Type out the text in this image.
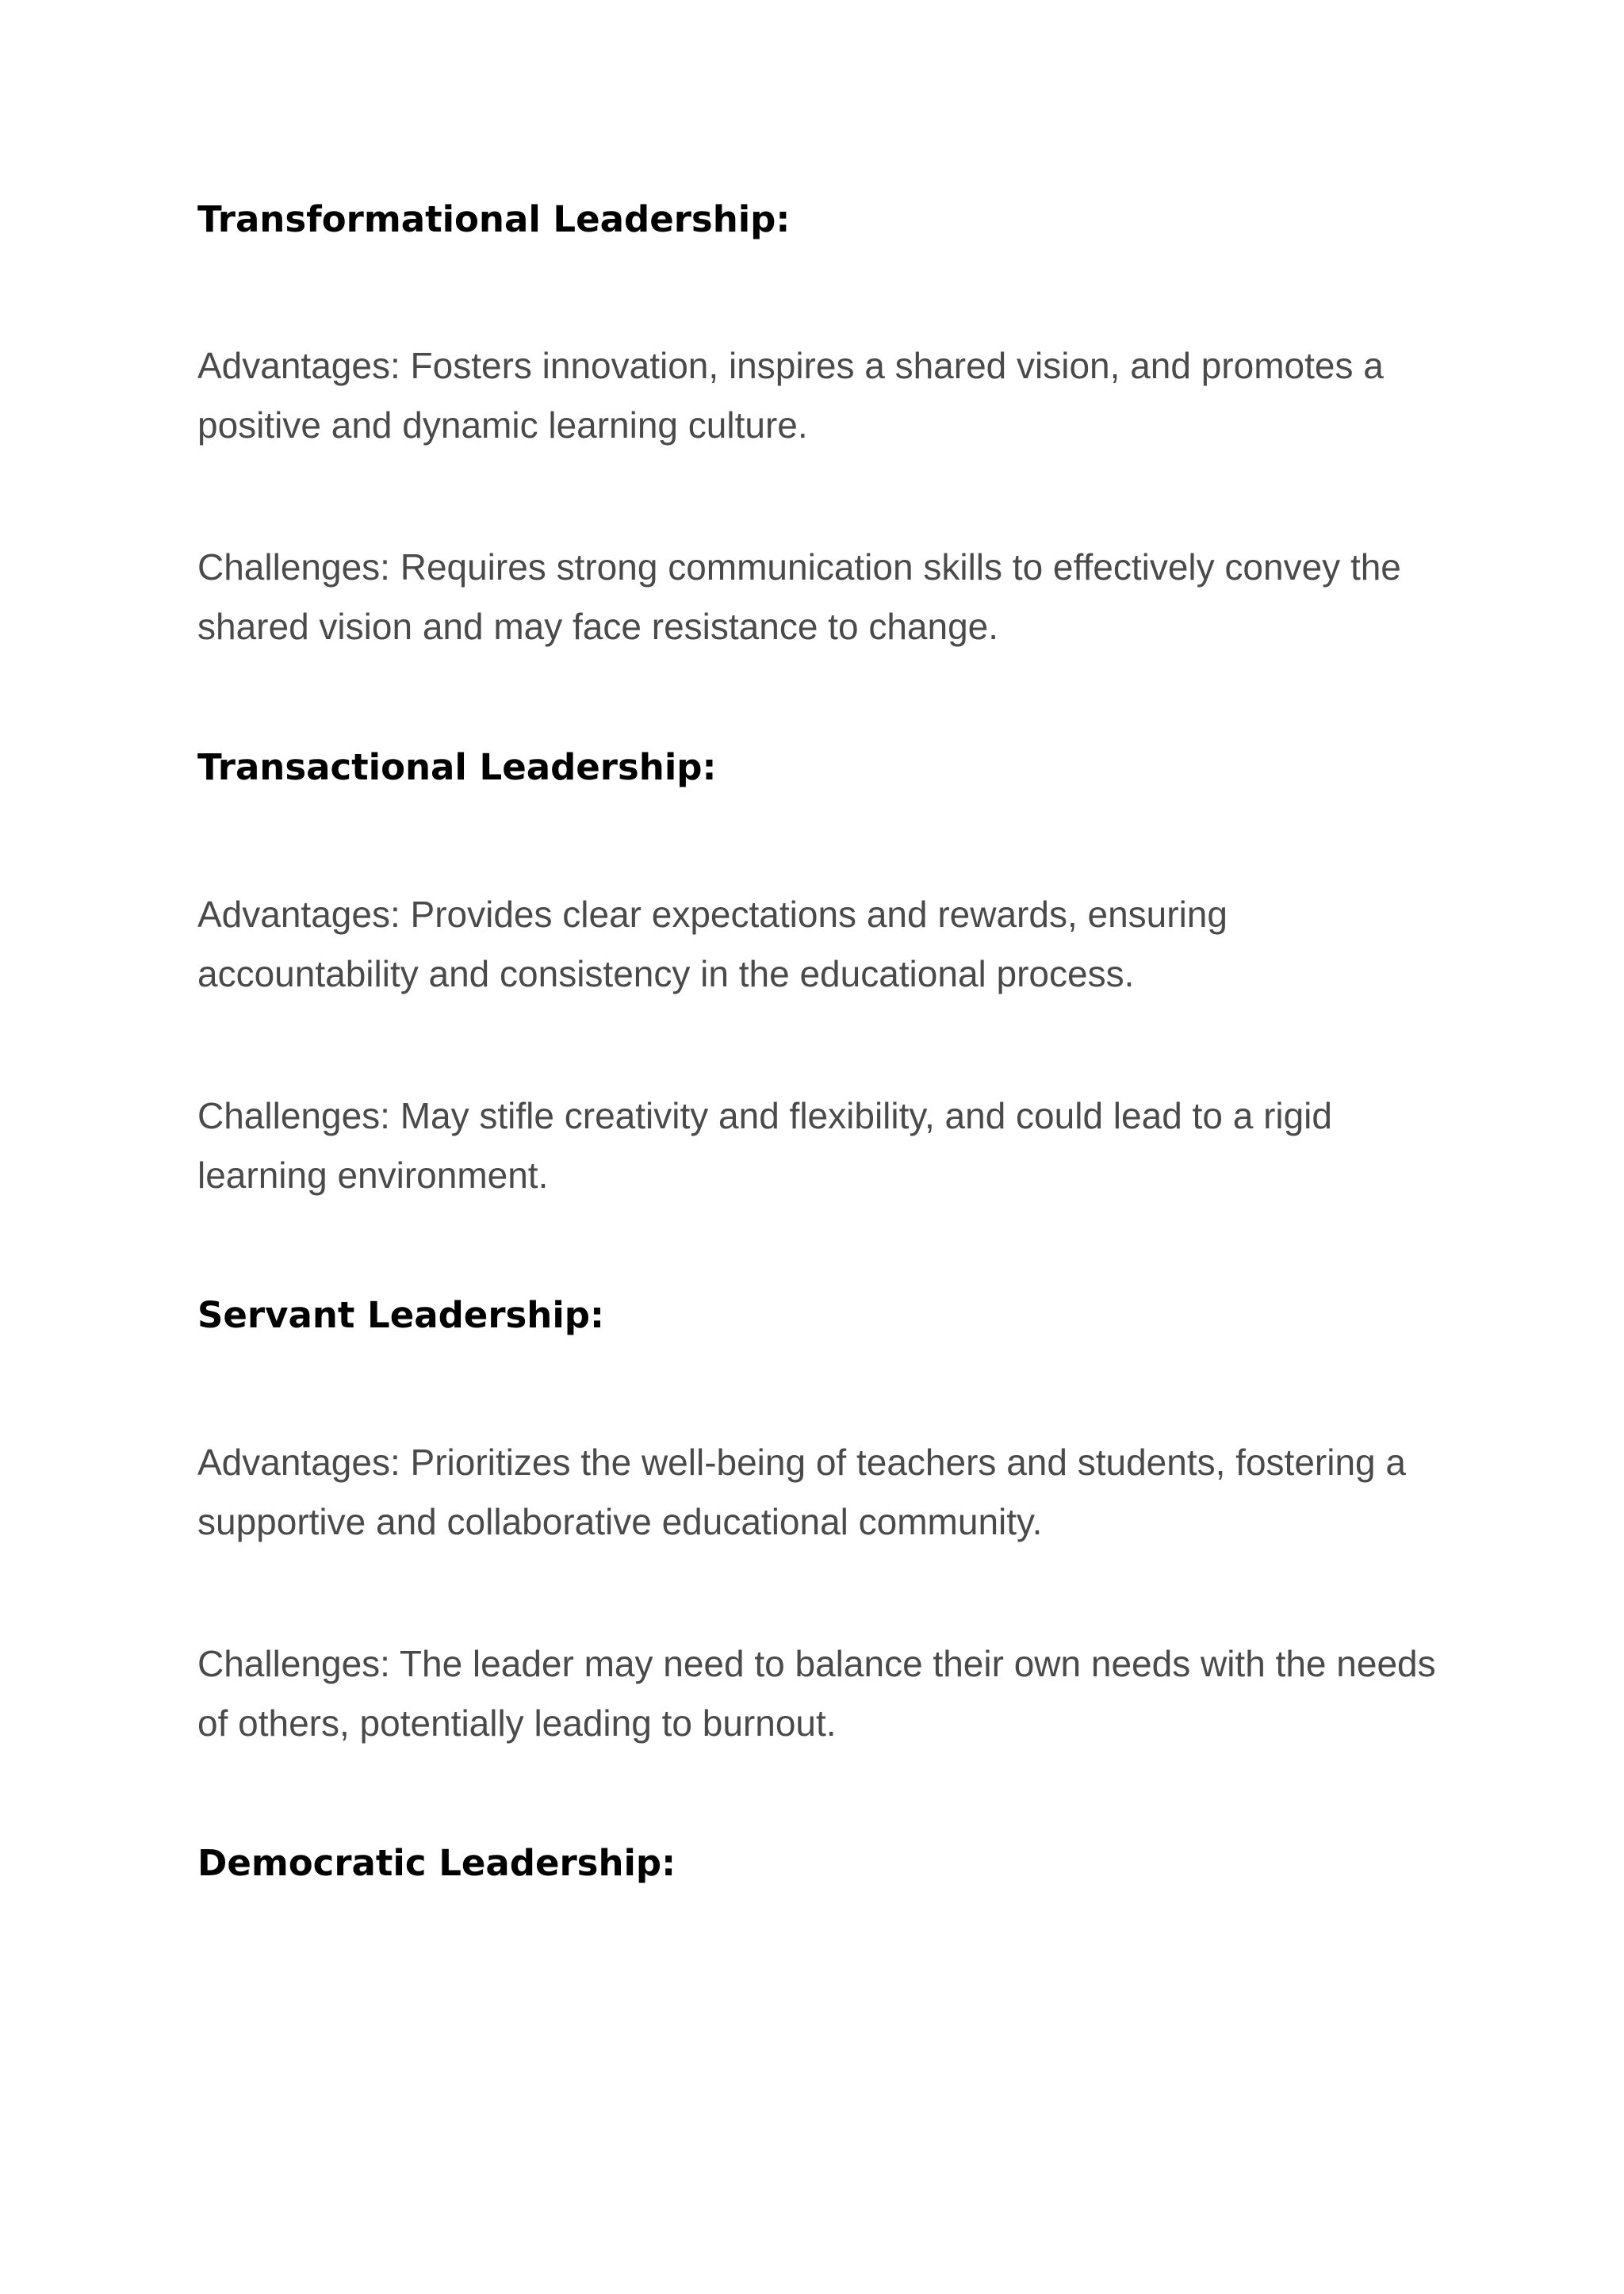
Transformational Leadership:

Advantages: Fosters innovation, inspires a shared vision, and promotes a positive and dynamic learning culture.

Challenges: Requires strong communication skills to effectively convey the shared vision and may face resistance to change.

Transactional Leadership:

Advantages: Provides clear expectations and rewards, ensuring accountability and consistency in the educational process.

Challenges: May stifle creativity and flexibility, and could lead to a rigid learning environment.

Servant Leadership:

Advantages: Prioritizes the well-being of teachers and students, fostering a supportive and collaborative educational community.

Challenges: The leader may need to balance their own needs with the needs of others, potentially leading to burnout.

Democratic Leadership:
